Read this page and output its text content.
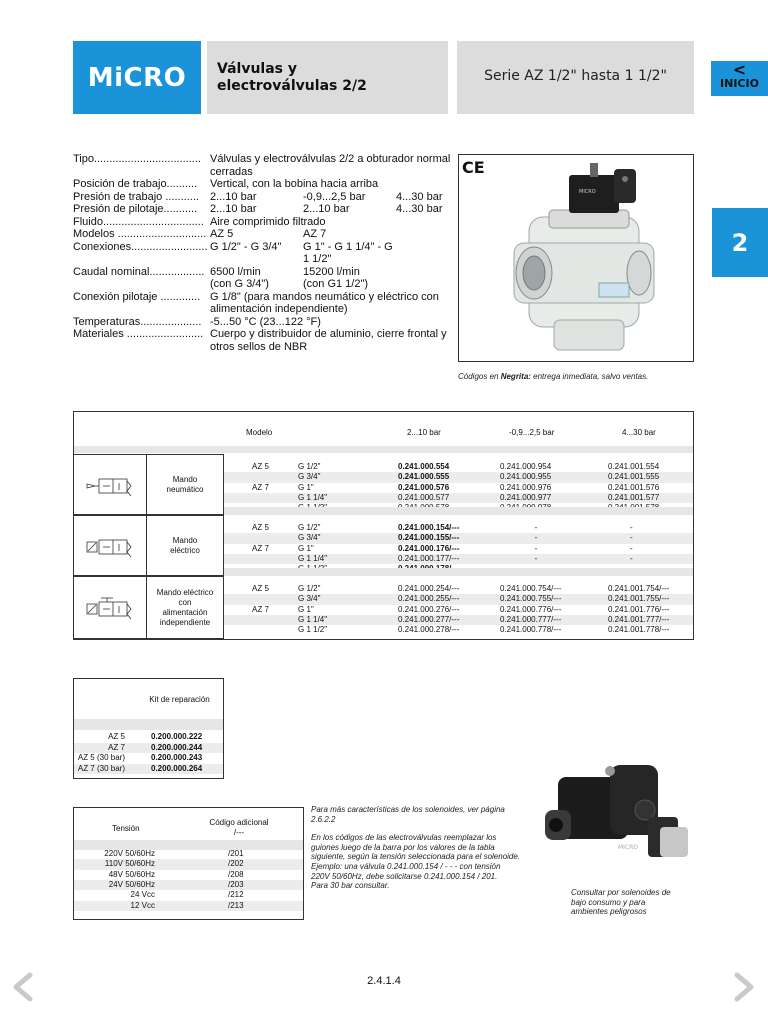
MiCRO Válvulas y
electroválvulas 2/2
Serie AZ 1/2" hasta 1 1/2"	<
INICIO
2
Tipo................................... Válvulas y electroválvulas 2/2 a obturador normal cerradas
Posición de trabajo..........	Vertical, con la bobina hacia arriba
Presión de trabajo ...........	2...10 bar	-0,9...2,5 bar	4...30 bar
Presión de pilotaje...........	2...10 bar	2...10 bar	4...30 bar
Fluido................................. Aire comprimido filtrado
Modelos ............................. AZ 5	AZ 7
Conexiones......................... G 1/2" - G 3/4"	G 1" - G 1 1/4" - G 1 1/2"
Caudal nominal.................. 6500 l/min	15200 l/min
(con G 3/4")	(con G1 1/2")
Conexión pilotaje ............. G 1/8" (para mandos neumático y eléctrico con alimentación independiente)
Temperaturas.................... -5...50 °C (23...122 °F)
Materiales ......................... Cuerpo y distribuidor de aluminio, cierre frontal y otros sellos de NBR
CE
MICRO
Códigos en Negrita: entrega inmediata, salvo ventas.
Modelo	2...10 bar	-0,9...2,5 bar	4...30 bar
Mando
neumático
AZ 5	G 1/2"	0.241.000.554	0.241.000.954	0.241.001.554
G 3/4"	0.241.000.555	0.241.000.955	0.241.001.555
AZ 7	G 1"	0.241.000.576	0.241.000.976	0.241.001.576
G 1 1/4"	0.241.000.577	0.241.000.977	0.241.001.577
Mando
eléctrico
AZ 5	G 1/2"	0.241.000.154/---	-	-
G 3/4"	0.241.000.155/---	-	-
AZ 7	G 1"	0.241.000.176/---	-	-
G 1 1/4"	0.241.000.177/---	-	-
Mando eléctrico
con
alimentación
independiente
AZ 5	G 1/2"	0.241.000.254/---	0.241.000.754/---	0.241.001.754/---
G 3/4"	0.241.000.255/---	0.241.000.755/---	0.241.001.755/---
AZ 7	G 1"	0.241.000.276/---	0.241.000.776/---	0.241.001.776/---
G 1 1/4"	0.241.000.277/---	0.241.000.777/---	0.241.001.777/---
G 1 1/2"	0.241.000.278/---	0.241.000.778/---	0.241.001.778/---
Kit de reparación
AZ 5	0.200.000.222
AZ 7	0.200.000.244
AZ 5 (30 bar)	0.200.000.243
AZ 7 (30 bar)	0.200.000.264
Tensión
Código adicional
/---
220V 50/60Hz	/201
110V 50/60Hz	/202
48V 50/60Hz	/208
24V 50/60Hz	/203
24 Vcc	/212
12 Vcc	/213

Para más características de los solenoides, ver página 2.6.2.2

En los códigos de las electroválvulas reemplazar los guiones luego de la barra por los valores de la tabla siguiente, según la tensión seleccionada para el solenoide.
Ejemplo: una válvula 0.241.000.154 / - - - con tensión 220V 50/60Hz, debe solicitarse 0.241.000.154 / 201.
Para 30 bar consultar.

MICRO
Consultar por solenoides de bajo consumo y para ambientes peligrosos
2.4.1.4
